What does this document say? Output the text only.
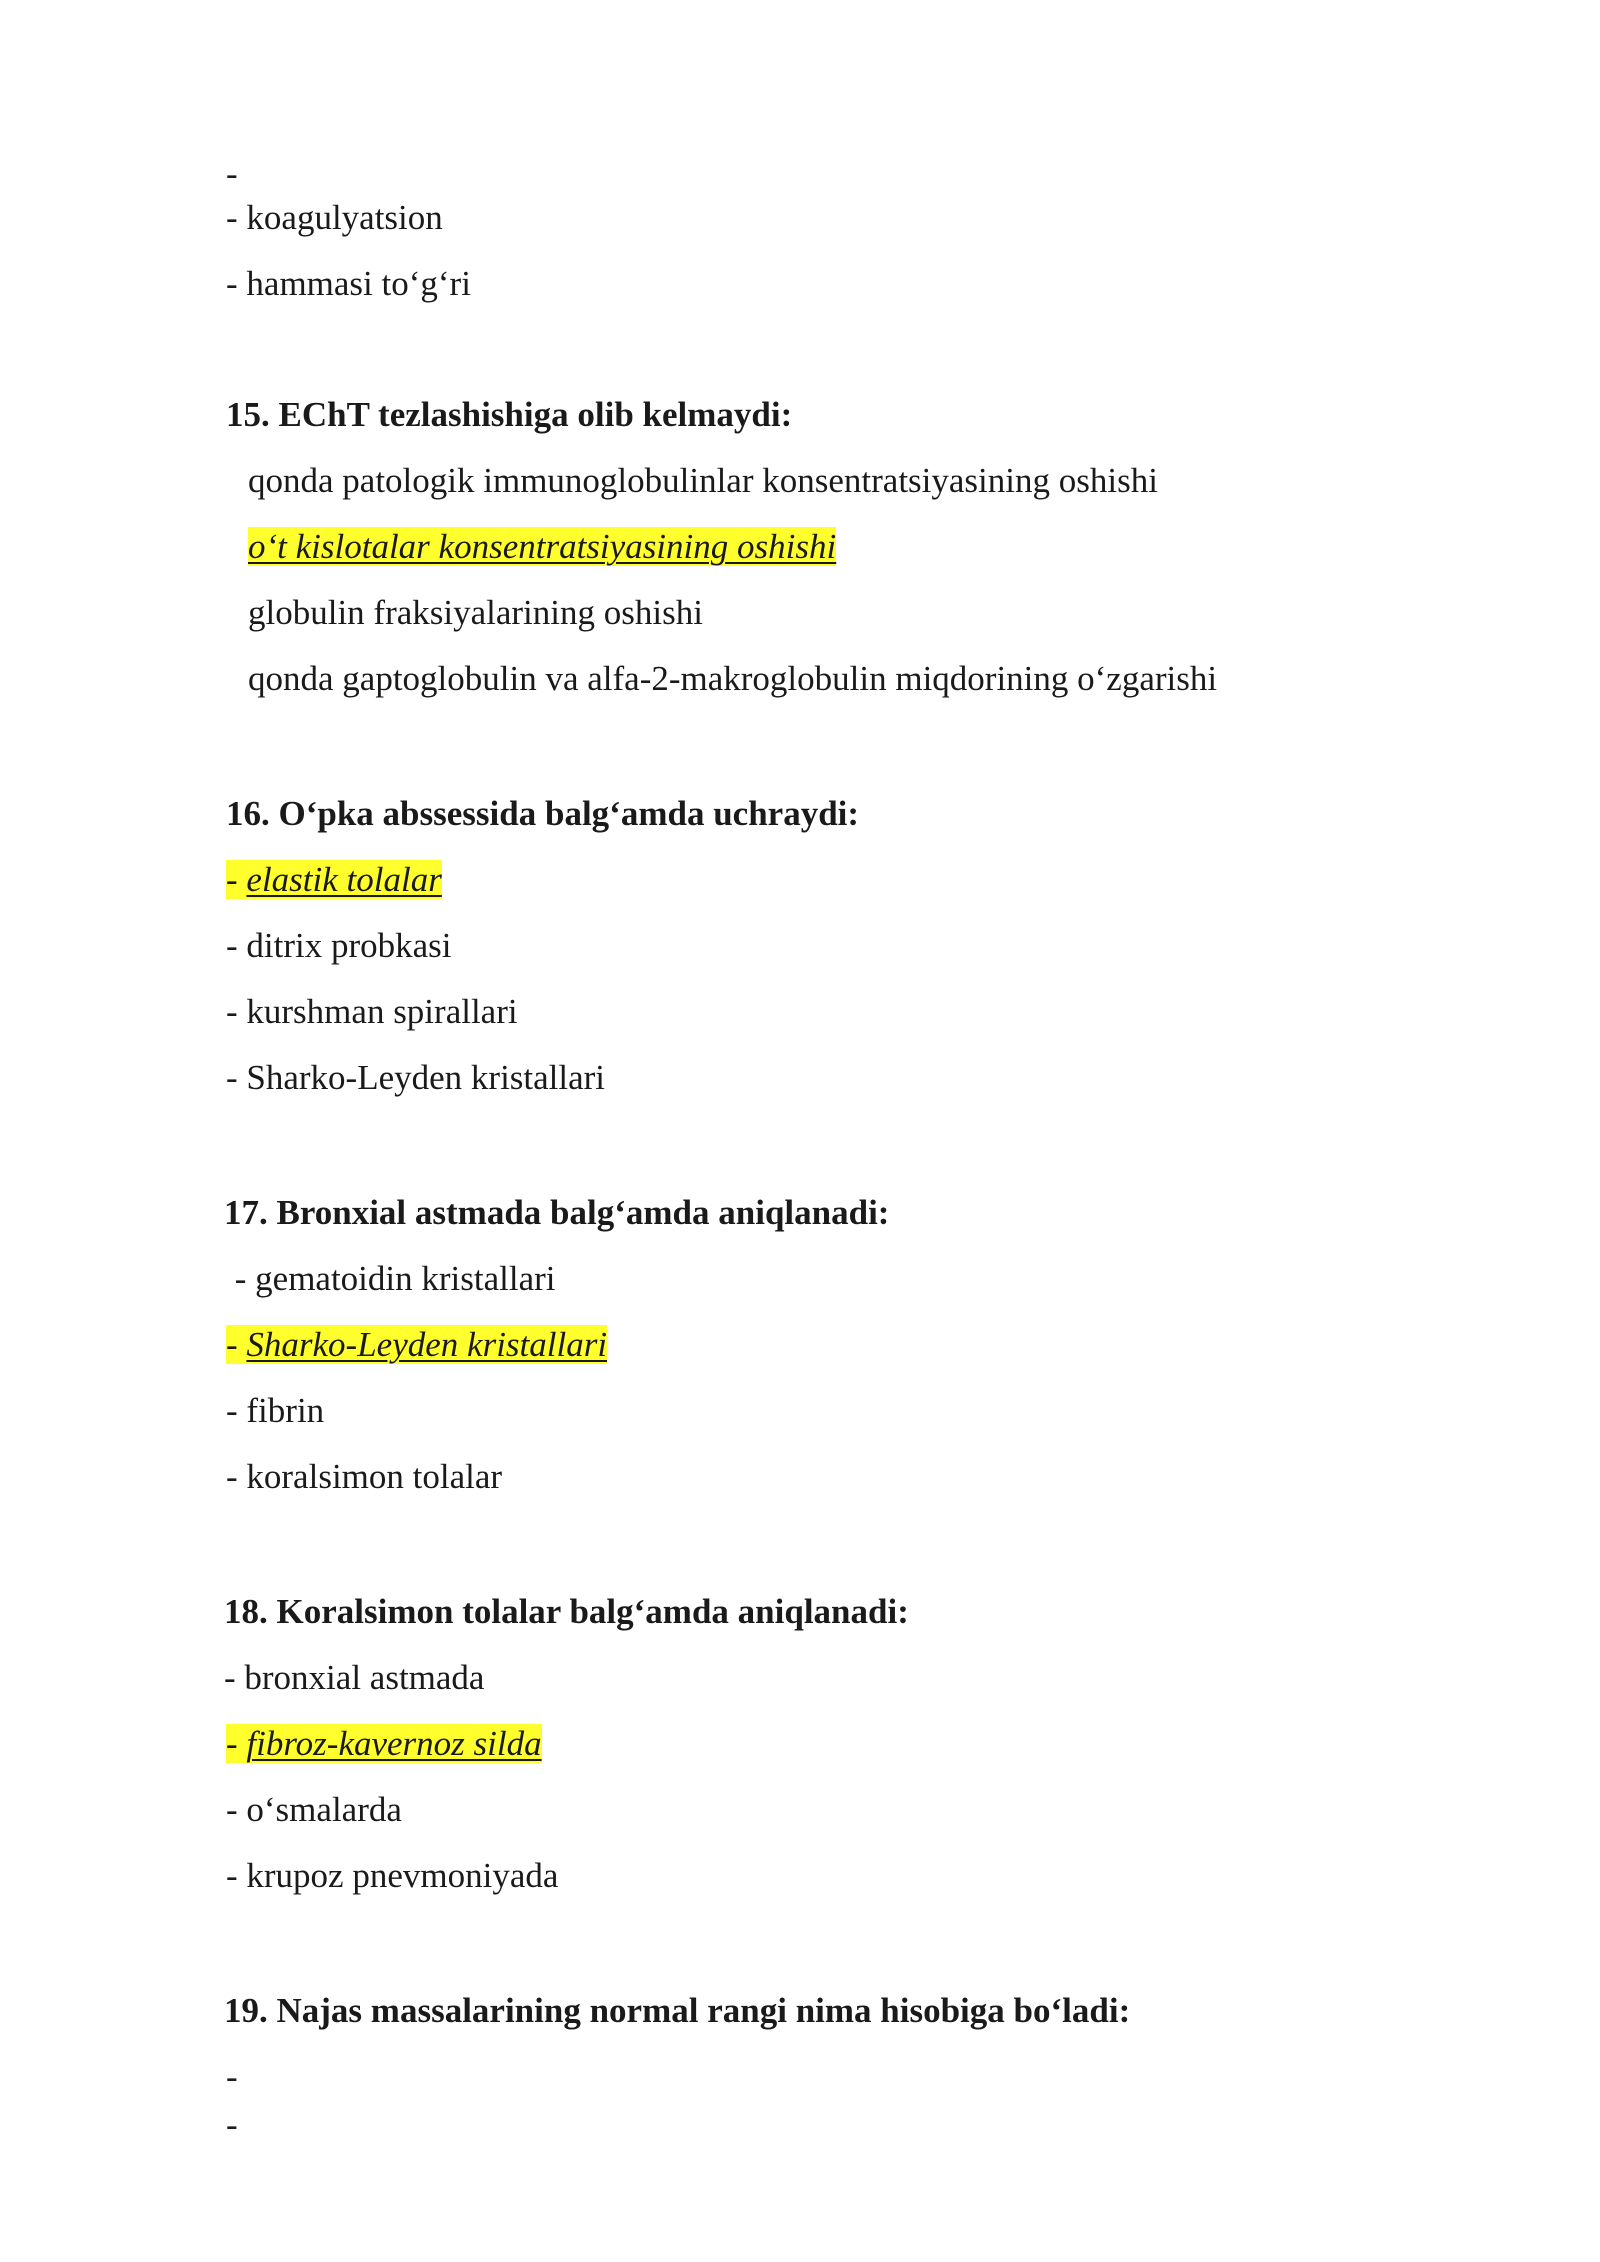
-
- koagulyatsion
- hammasi to‘g‘ri
15. EChT tezlashishiga olib kelmaydi:
qonda patologik immunoglobulinlar konsentratsiyasining oshishi
o‘t kislotalar konsentratsiyasining oshishi
globulin fraksiyalarining oshishi
qonda gaptoglobulin va alfa-2-makroglobulin miqdorining o‘zgarishi
16. O‘pka abssessida balg‘amda uchraydi:
- elastik tolalar
- ditrix probkasi
- kurshman spirallari
- Sharko-Leyden kristallari
17. Bronxial astmada balg‘amda aniqlanadi:
- gematoidin kristallari
- Sharko-Leyden kristallari
- fibrin
- koralsimon tolalar
18. Koralsimon tolalar balg‘amda aniqlanadi:
- bronxial astmada
- fibroz-kavernoz silda
- o‘smalarda
- krupoz pnevmoniyada
19. Najas massalarining normal rangi nima hisobiga bo‘ladi:
-
-
